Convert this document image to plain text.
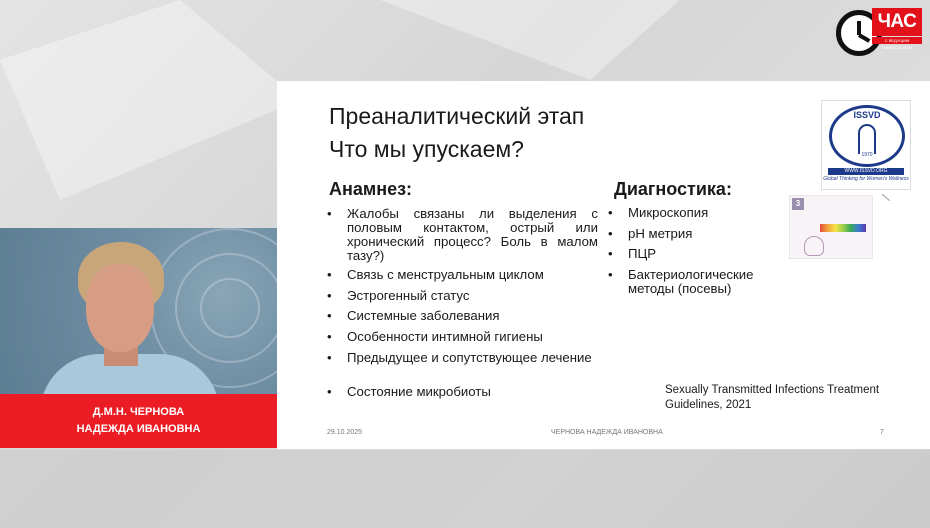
ЧАС
С ВЕДУЩИМ ГИНЕКОЛОГОМ
Д.М.Н. ЧЕРНОВА
НАДЕЖДА ИВАНОВНА
Преаналитический этап
Что мы упускаем?
ISSVD
1970
WWW.ISSVD.ORG
Global Thinking for Women's Wellness
Анамнез:	Диагностика:
• Жалобы связаны ли выделения с половым контактом, острый или хронический процесс? Боль в малом тазу?)
• Связь с менструальным циклом
• Эстрогенный статус
• Системные заболевания
• Особенности интимной гигиены
• Предыдущее и сопутствующее лечение
• Состояние микробиоты
• Микроскопия
• pH метрия
• ПЦР
• Бактериологические методы (посевы)
3
Sexually Transmitted Infections Treatment Guidelines, 2021
29.10.2025	ЧЕРНОВА НАДЕЖДА ИВАНОВНА	7
